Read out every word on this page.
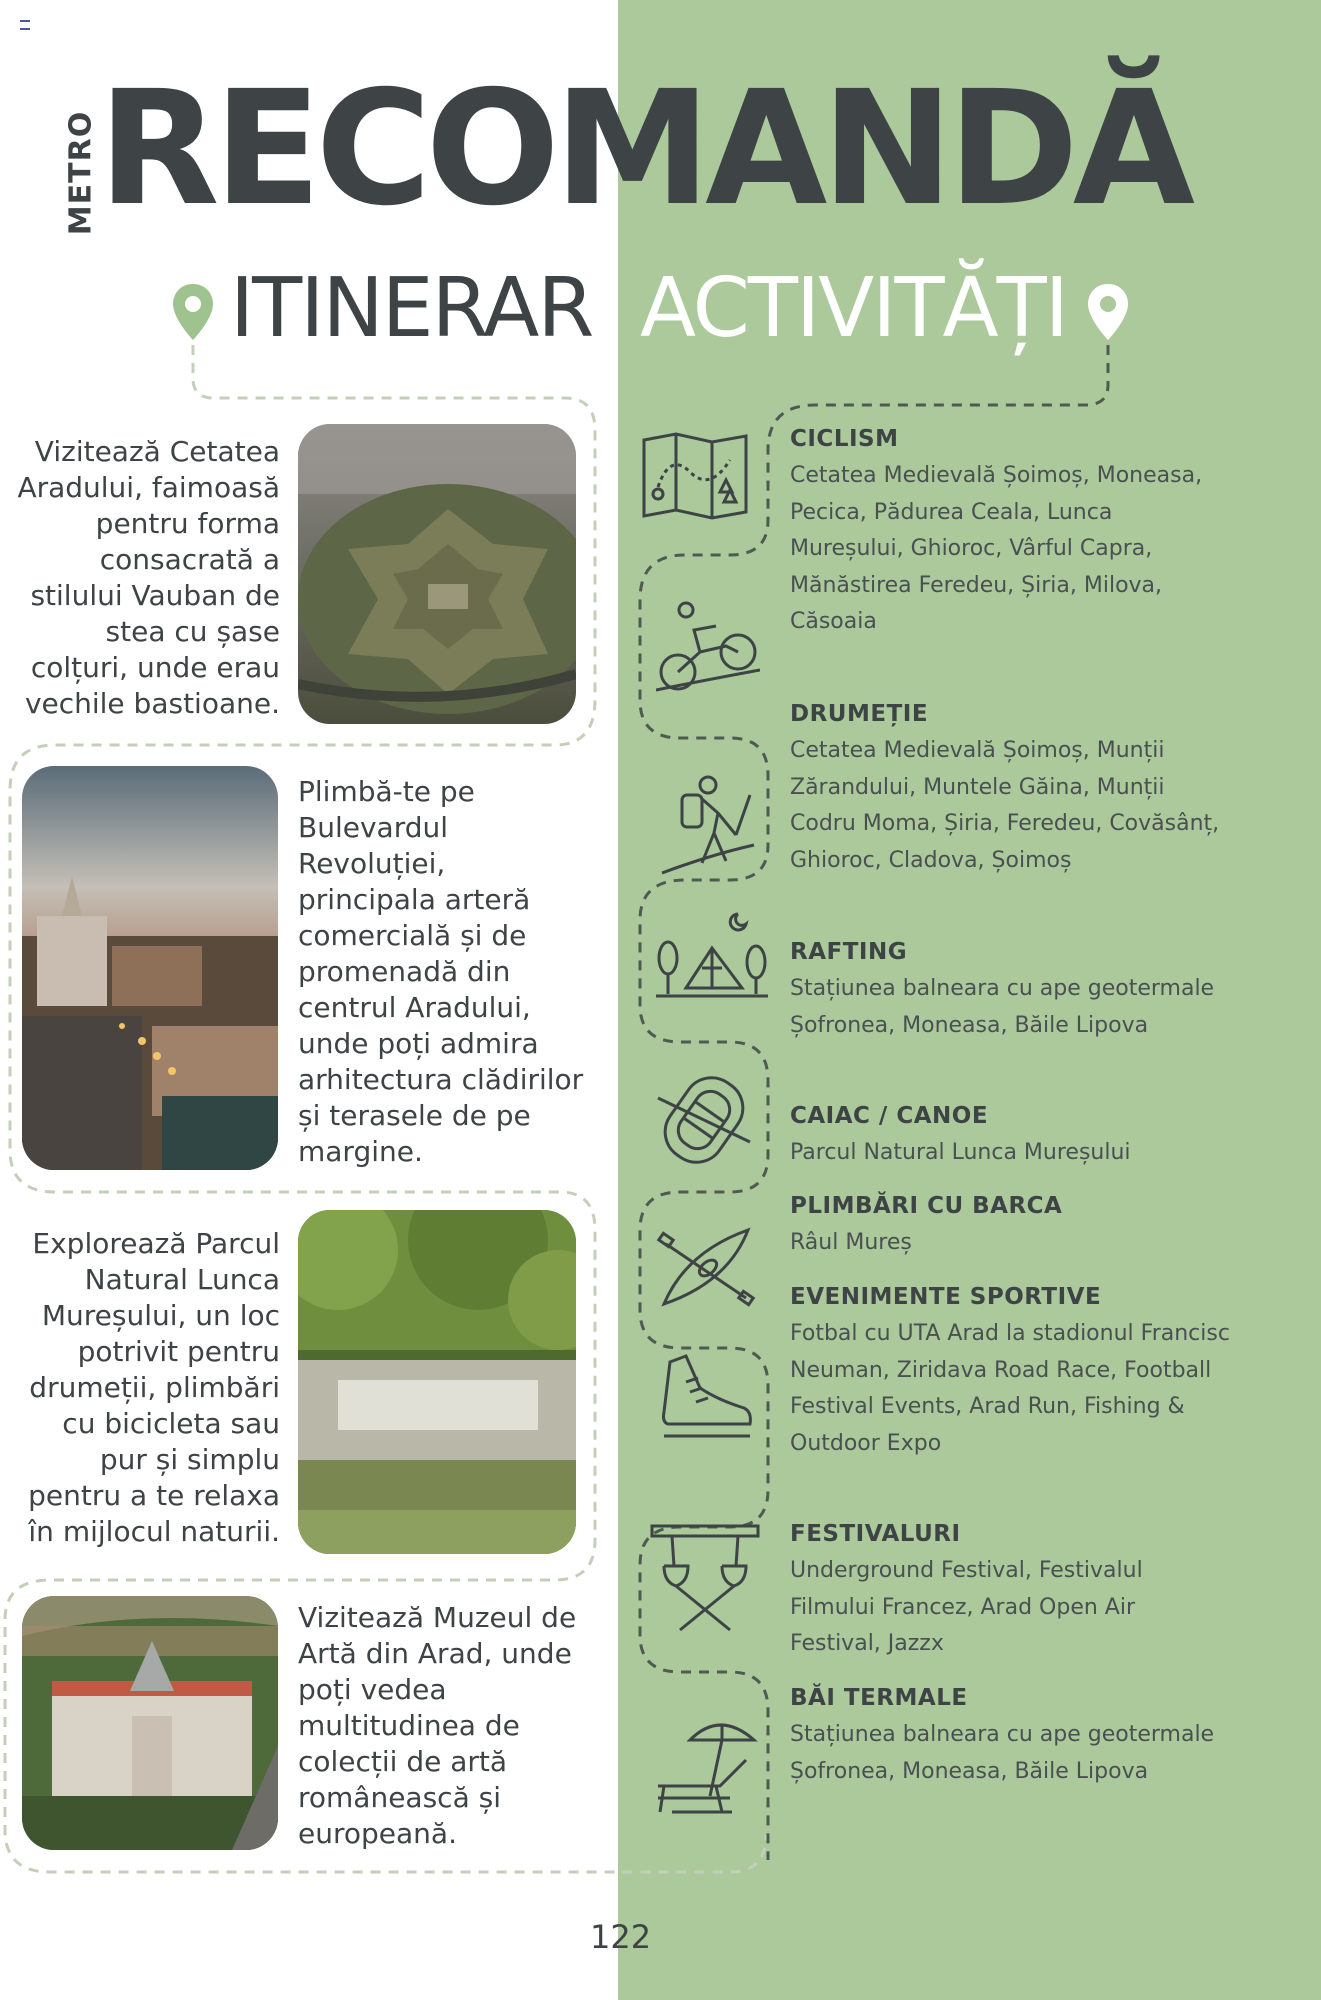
METRO RECOMANDĂ
ITINERAR ACTIVITĂȚI
Vizitează Cetatea Aradului, faimoasă pentru forma consacrată a stilului Vauban de stea cu șase colțuri, unde erau vechile bastioane.
Plimbă-te pe Bulevardul Revoluției, principala arteră comercială și de promenadă din centrul Aradului, unde poți admira arhitectura clădirilor și terasele de pe margine.
Explorează Parcul Natural Lunca Mureșului, un loc potrivit pentru drumeții, plimbări cu bicicleta sau pur și simplu pentru a te relaxa în mijlocul naturii.
Vizitează Muzeul de Artă din Arad, unde poți vedea multitudinea de colecții de artă românească și europeană.
CICLISM

Cetatea Medievală Șoimoș, Moneasa, Pecica, Pădurea Ceala, Lunca Mureșului, Ghioroc, Vârful Capra, Mănăstirea Feredeu, Șiria, Milova, Căsoaia

DRUMEȚIE

Cetatea Medievală Șoimoș, Munții Zărandului, Muntele Găina, Munții Codru Moma, Șiria, Feredeu, Covăsânț, Ghioroc, Cladova, Șoimoș

RAFTING

Stațiunea balneara cu ape geotermale Șofronea, Moneasa, Băile Lipova

CAIAC / CANOE

Parcul Natural Lunca Mureșului

PLIMBĂRI CU BARCA

Râul Mureș

EVENIMENTE SPORTIVE

Fotbal cu UTA Arad la stadionul Francisc Neuman, Ziridava Road Race, Football Festival Events, Arad Run, Fishing & Outdoor Expo

FESTIVALURI

Underground Festival, Festivalul Filmului Francez, Arad Open Air Festival, Jazzx

BĂI TERMALE

Stațiunea balneara cu ape geotermale Șofronea, Moneasa, Băile Lipova

122
